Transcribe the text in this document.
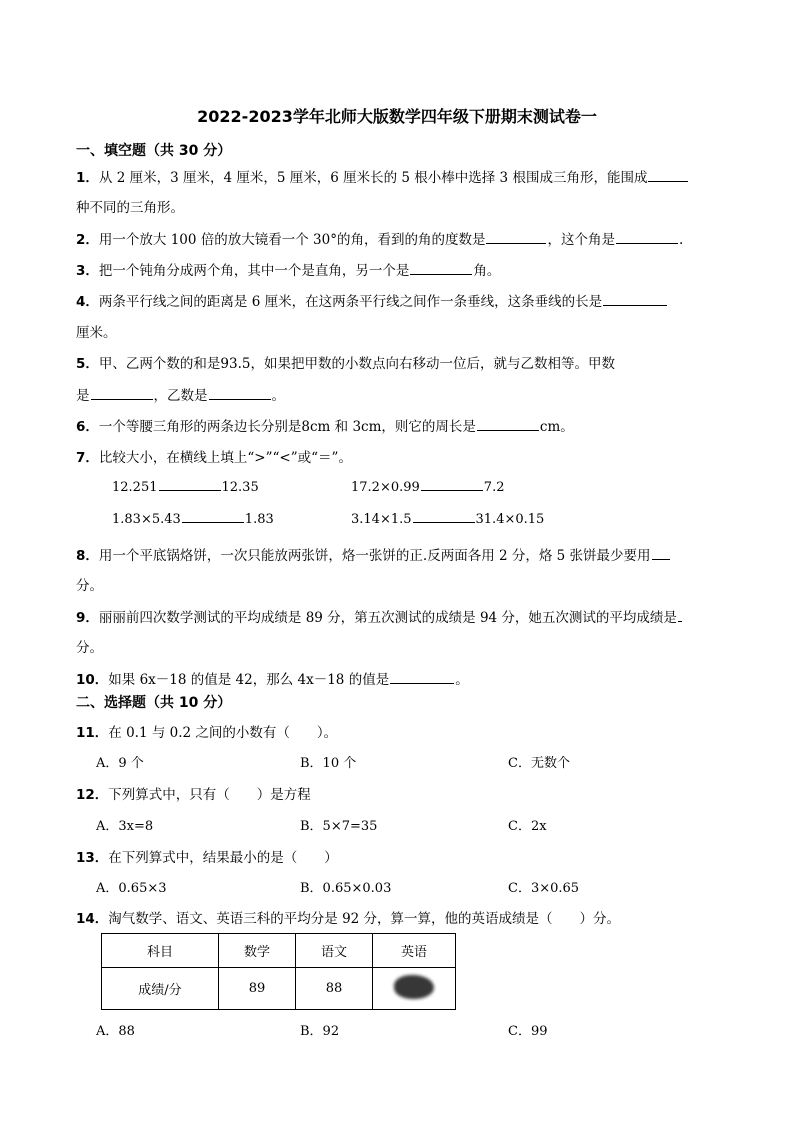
2022-2023学年北师大版数学四年级下册期末测试卷一
一、填空题（共 30 分）
1．从 2 厘米，3 厘米，4 厘米，5 厘米，6 厘米长的 5 根小棒中选择 3 根围成三角形，能围成
种不同的三角形。
2．用一个放大 100 倍的放大镜看一个 30°的角，看到的角的度数是	，这个角是	.
3．把一个钝角分成两个角，其中一个是直角，另一个是	角。
4．两条平行线之间的距离是 6 厘米，在这两条平行线之间作一条垂线，这条垂线的长是
厘米。
5．甲、乙两个数的和是93.5，如果把甲数的小数点向右移动一位后，就与乙数相等。甲数
是	，乙数是	。
6．一个等腰三角形的两条边长分别是8cm 和 3cm，则它的周长是	cm。
7．比较大小，在横线上填上“>”“<”或“＝”。
12.251	12.35	17.2×0.99	7.2
1.83×5.43	1.83	3.14×1.5	31.4×0.15
8．用一个平底锅烙饼，一次只能放两张饼，烙一张饼的正.反两面各用 2 分，烙 5 张饼最少要用
分。
9．丽丽前四次数学测试的平均成绩是 89 分，第五次测试的成绩是 94 分，她五次测试的平均成绩是
分。
10．如果 6x－18 的值是 42，那么 4x－18 的值是	。
二、选择题（共 10 分）
11．在 0.1 与 0.2 之间的小数有（　　）。
A．9 个	B．10 个	C．无数个
12．下列算式中，只有（　　）是方程
A．3x=8	B．5×7=35	C．2x
13．在下列算式中，结果最小的是（　　）
A．0.65×3	B．0.65×0.03	C．3×0.65
14．淘气数学、语文、英语三科的平均分是 92 分，算一算，他的英语成绩是（　　）分。
科目	数学	语文	英语
成绩/分	89	88	
A．88	B．92	C．99
